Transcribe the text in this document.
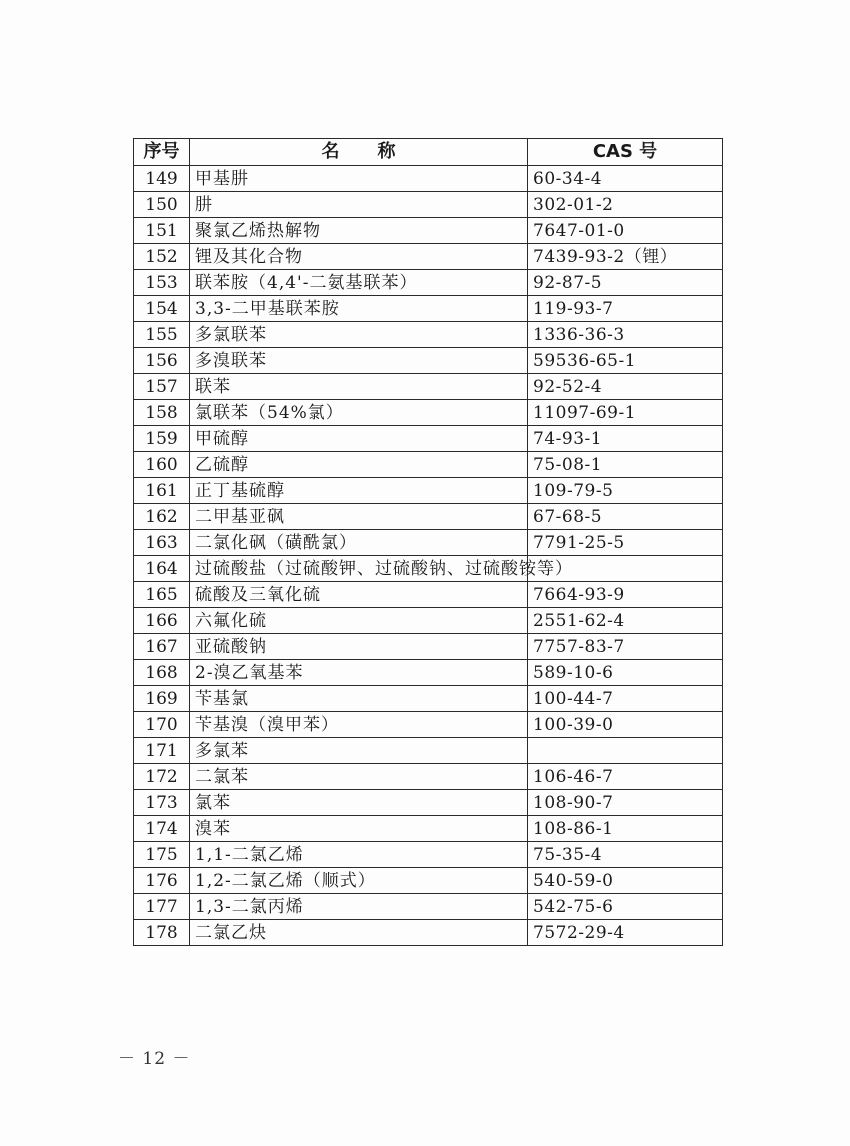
序号	名称	CAS 号
149	甲基肼	60-34-4
150	肼	302-01-2
151	聚氯乙烯热解物	7647-01-0
152	锂及其化合物	7439-93-2（锂）
153	联苯胺（4,4'-二氨基联苯）	92-87-5
154	3,3-二甲基联苯胺	119-93-7
155	多氯联苯	1336-36-3
156	多溴联苯	59536-65-1
157	联苯	92-52-4
158	氯联苯（54%氯）	11097-69-1
159	甲硫醇	74-93-1
160	乙硫醇	75-08-1
161	正丁基硫醇	109-79-5
162	二甲基亚砜	67-68-5
163	二氯化砜（磺酰氯）	7791-25-5
164	过硫酸盐（过硫酸钾、过硫酸钠、过硫酸铵等）	
165	硫酸及三氧化硫	7664-93-9
166	六氟化硫	2551-62-4
167	亚硫酸钠	7757-83-7
168	2-溴乙氧基苯	589-10-6
169	苄基氯	100-44-7
170	苄基溴（溴甲苯）	100-39-0
171	多氯苯	
172	二氯苯	106-46-7
173	氯苯	108-90-7
174	溴苯	108-86-1
175	1,1-二氯乙烯	75-35-4
176	1,2-二氯乙烯（顺式）	540-59-0
177	1,3-二氯丙烯	542-75-6
178	二氯乙炔	7572-29-4
－ 12 －
